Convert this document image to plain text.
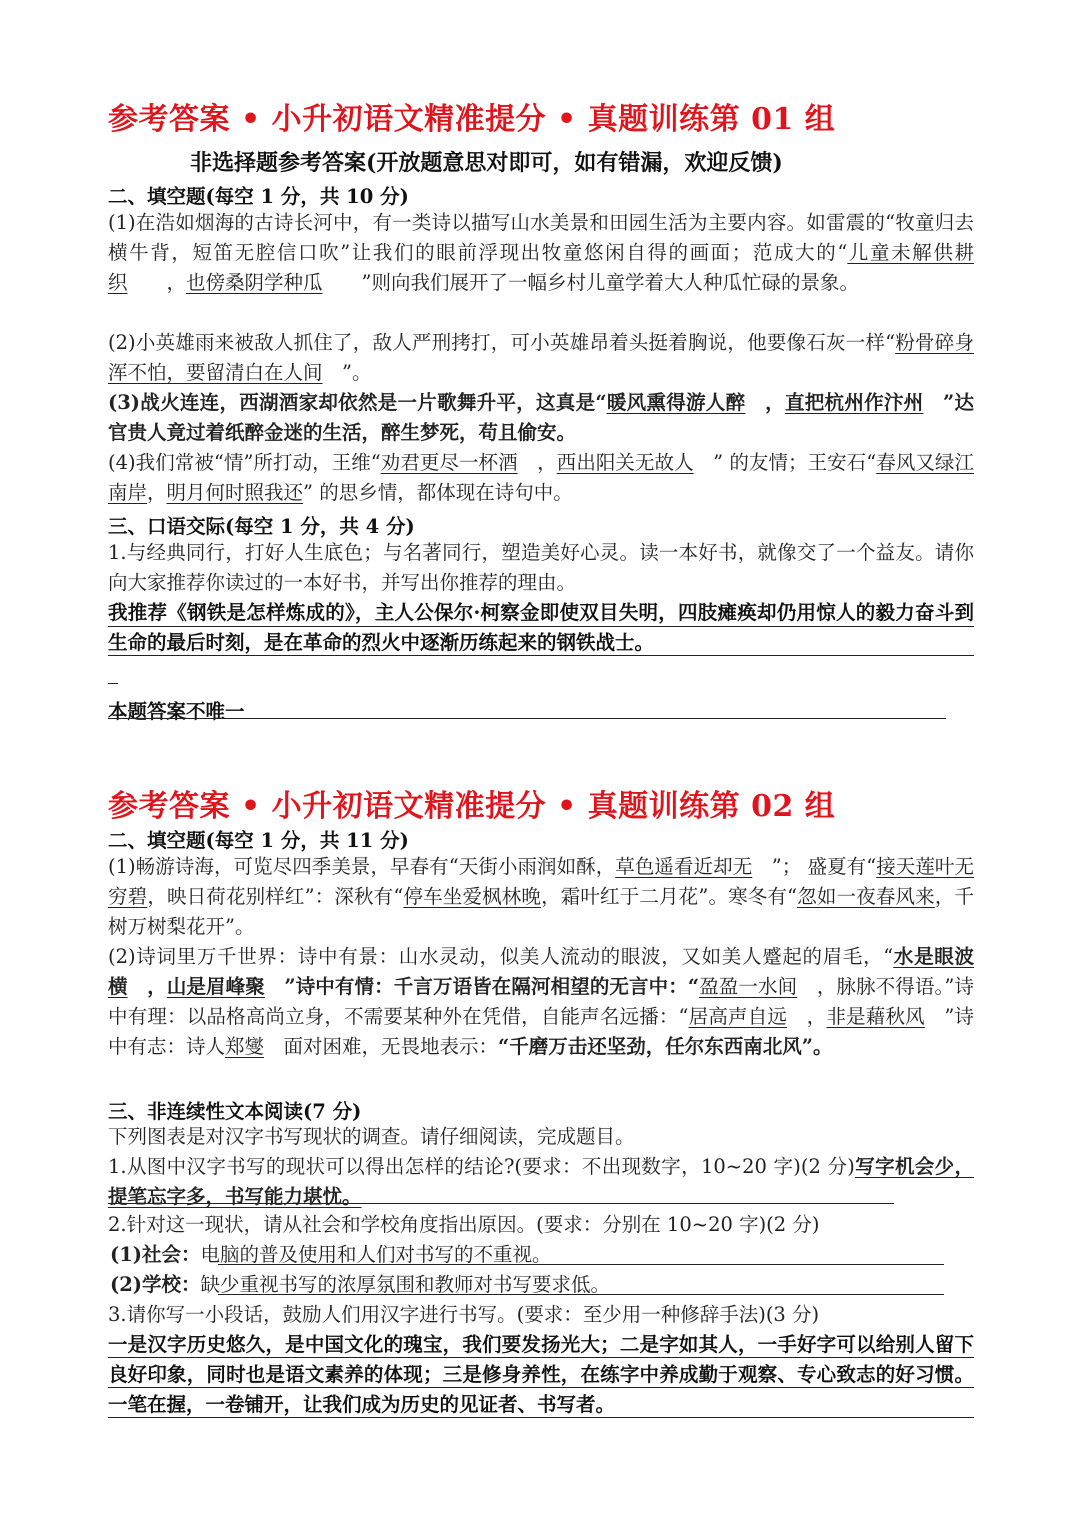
参考答案 • 小升初语文精准提分 • 真题训练第 01 组
非选择题参考答案(开放题意思对即可，如有错漏，欢迎反馈)
二、填空题(每空 1 分，共 10 分)
(1)在浩如烟海的古诗长河中，有一类诗以描写山水美景和田园生活为主要内容。如雷震的“牧童归去横牛背，短笛无腔信口吹”让我们的眼前浮现出牧童悠闲自得的画面；范成大的“儿童未解供耕织   ，也傍桑阴学种瓜   ”则向我们展开了一幅乡村儿童学着大人种瓜忙碌的景象。
(2)小英雄雨来被敌人抓住了，敌人严刑拷打，可小英雄昂着头挺着胸说，他要像石灰一样“粉骨碎身浑不怕，要留清白在人间  ”。
(3)战火连连，西湖酒家却依然是一片歌舞升平，这真是“暖风熏得游人醉  ，直把杭州作汴州  ”达官贵人竟过着纸醉金迷的生活，醉生梦死，苟且偷安。
(4)我们常被“情”所打动，王维“劝君更尽一杯酒  ，西出阳关无故人  ” 的友情；王安石“春风又绿江南岸，明月何时照我还” 的思乡情，都体现在诗句中。
三、口语交际(每空 1 分，共 4 分)
1.与经典同行，打好人生底色；与名著同行，塑造美好心灵。读一本好书，就像交了一个益友。请你向大家推荐你读过的一本好书，并写出你推荐的理由。
我推荐《钢铁是怎样炼成的》，主人公保尔·柯察金即使双目失明，四肢瘫痪却仍用惊人的毅力奋斗到生命的最后时刻，是在革命的烈火中逐渐历练起来的钢铁战士。
本题答案不唯一
参考答案 • 小升初语文精准提分 • 真题训练第 02 组
二、填空题(每空 1 分，共 11 分)
(1)畅游诗海，可览尽四季美景，早春有“天街小雨润如酥，草色遥看近却无  ”； 盛夏有“接天莲叶无穷碧，映日荷花别样红”：深秋有“停车坐爱枫林晚，霜叶红于二月花”。寒冬有“忽如一夜春风来，千树万树梨花开”。
(2)诗词里万千世界：诗中有景：山水灵动，似美人流动的眼波，又如美人蹙起的眉毛，“水是眼波横  ，山是眉峰聚  ”诗中有情：千言万语皆在隔河相望的无言中：“盈盈一水间  ，脉脉不得语。”诗中有理：以品格高尚立身，不需要某种外在凭借，自能声名远播：“居高声自远  ，非是藉秋风  ”诗中有志：诗人郑燮  面对困难，无畏地表示：“千磨万击还坚劲，任尔东西南北风”。
三、非连续性文本阅读(7 分)
下列图表是对汉字书写现状的调查。请仔细阅读，完成题目。
1.从图中汉字书写的现状可以得出怎样的结论?(要求：不出现数字，10~20 字)(2 分)写字机会少，提笔忘字多，书写能力堪忧。
2.针对这一现状，请从社会和学校角度指出原因。(要求：分别在 10~20 字)(2 分)
(1)社会：电脑的普及使用和人们对书写的不重视。
(2)学校：缺少重视书写的浓厚氛围和教师对书写要求低。
3.请你写一小段话，鼓励人们用汉字进行书写。(要求：至少用一种修辞手法)(3 分)
一是汉字历史悠久，是中国文化的瑰宝，我们要发扬光大；二是字如其人，一手好字可以给别人留下良好印象，同时也是语文素养的体现；三是修身养性，在练字中养成勤于观察、专心致志的好习惯。一笔在握，一卷铺开，让我们成为历史的见证者、书写者。
